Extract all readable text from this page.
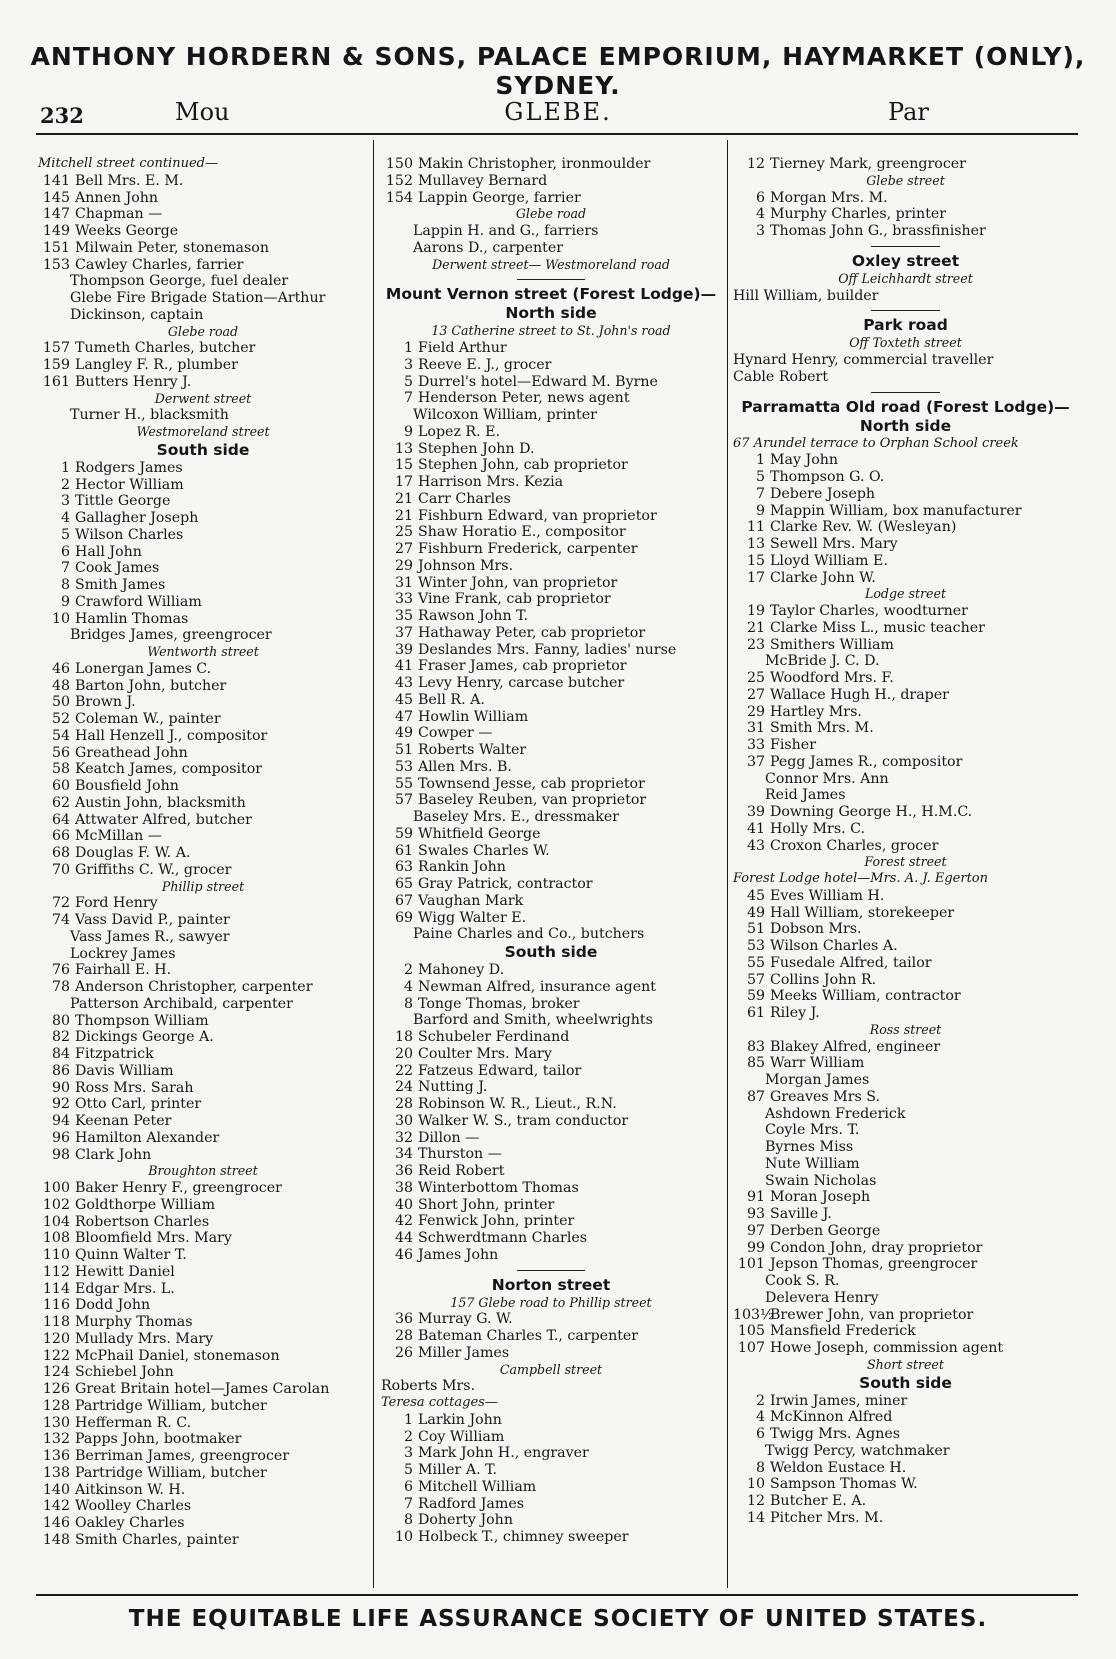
ANTHONY HORDERN & SONS, PALACE EMPORIUM, HAYMARKET (ONLY), SYDNEY.
232	Mou	GLEBE.	Par
Mitchell street continued—
141 Bell Mrs. E. M.
145 Annen John
147 Chapman —
149 Weeks George
151 Milwain Peter, stonemason
153 Cawley Charles, farrier
Thompson George, fuel dealer
Glebe Fire Brigade Station—Arthur
Dickinson, captain
Glebe road
157 Tumeth Charles, butcher
159 Langley F. R., plumber
161 Butters Henry J.
Derwent street
Turner H., blacksmith
Westmoreland street
South side
1 Rodgers James
2 Hector William
3 Tittle George
4 Gallagher Joseph
5 Wilson Charles
6 Hall John
7 Cook James
8 Smith James
9 Crawford William
10 Hamlin Thomas
Bridges James, greengrocer
Wentworth street
46 Lonergan James C.
48 Barton John, butcher
50 Brown J.
52 Coleman W., painter
54 Hall Henzell J., compositor
56 Greathead John
58 Keatch James, compositor
60 Bousfield John
62 Austin John, blacksmith
64 Attwater Alfred, butcher
66 McMillan —
68 Douglas F. W. A.
70 Griffiths C. W., grocer
Phillip street
72 Ford Henry
74 Vass David P., painter
Vass James R., sawyer
Lockrey James
76 Fairhall E. H.
78 Anderson Christopher, carpenter
Patterson Archibald, carpenter
80 Thompson William
82 Dickings George A.
84 Fitzpatrick
86 Davis William
90 Ross Mrs. Sarah
92 Otto Carl, printer
94 Keenan Peter
96 Hamilton Alexander
98 Clark John
Broughton street
100 Baker Henry F., greengrocer
102 Goldthorpe William
104 Robertson Charles
108 Bloomfield Mrs. Mary
110 Quinn Walter T.
112 Hewitt Daniel
114 Edgar Mrs. L.
116 Dodd John
118 Murphy Thomas
120 Mullady Mrs. Mary
122 McPhail Daniel, stonemason
124 Schiebel John
126 Great Britain hotel—James Carolan
128 Partridge William, butcher
130 Hefferman R. C.
132 Papps John, bootmaker
136 Berriman James, greengrocer
138 Partridge William, butcher
140 Aitkinson W. H.
142 Woolley Charles
146 Oakley Charles
148 Smith Charles, painter
150 Makin Christopher, ironmoulder
152 Mullavey Bernard
154 Lappin George, farrier
Glebe road
Lappin H. and G., farriers
Aarons D., carpenter
Derwent street— Westmoreland road
Mount Vernon street (Forest Lodge)—North side
13 Catherine street to St. John's road
1 Field Arthur
3 Reeve E. J., grocer
5 Durrel's hotel—Edward M. Byrne
7 Henderson Peter, news agent
Wilcoxon William, printer
9 Lopez R. E.
13 Stephen John D.
15 Stephen John, cab proprietor
17 Harrison Mrs. Kezia
21 Carr Charles
21 Fishburn Edward, van proprietor
25 Shaw Horatio E., compositor
27 Fishburn Frederick, carpenter
29 Johnson Mrs.
31 Winter John, van proprietor
33 Vine Frank, cab proprietor
35 Rawson John T.
37 Hathaway Peter, cab proprietor
39 Deslandes Mrs. Fanny, ladies' nurse
41 Fraser James, cab proprietor
43 Levy Henry, carcase butcher
45 Bell R. A.
47 Howlin William
49 Cowper —
51 Roberts Walter
53 Allen Mrs. B.
55 Townsend Jesse, cab proprietor
57 Baseley Reuben, van proprietor
Baseley Mrs. E., dressmaker
59 Whitfield George
61 Swales Charles W.
63 Rankin John
65 Gray Patrick, contractor
67 Vaughan Mark
69 Wigg Walter E.
Paine Charles and Co., butchers
South side
2 Mahoney D.
4 Newman Alfred, insurance agent
8 Tonge Thomas, broker
Barford and Smith, wheelwrights
18 Schubeler Ferdinand
20 Coulter Mrs. Mary
22 Fatzeus Edward, tailor
24 Nutting J.
28 Robinson W. R., Lieut., R.N.
30 Walker W. S., tram conductor
32 Dillon —
34 Thurston —
36 Reid Robert
38 Winterbottom Thomas
40 Short John, printer
42 Fenwick John, printer
44 Schwerdtmann Charles
46 James John
Norton street
157 Glebe road to Phillip street
36 Murray G. W.
28 Bateman Charles T., carpenter
26 Miller James
Campbell street
Roberts Mrs.
Teresa cottages—
1 Larkin John
2 Coy William
3 Mark John H., engraver
5 Miller A. T.
6 Mitchell William
7 Radford James
8 Doherty John
10 Holbeck T., chimney sweeper
12 Tierney Mark, greengrocer
Glebe street
6 Morgan Mrs. M.
4 Murphy Charles, printer
3 Thomas John G., brassfinisher
Oxley street
Off Leichhardt street
Hill William, builder
Park road
Off Toxteth street
Hynard Henry, commercial traveller
Cable Robert
Parramatta Old road (Forest Lodge)—North side
67 Arundel terrace to Orphan School creek
1 May John
5 Thompson G. O.
7 Debere Joseph
9 Mappin William, box manufacturer
11 Clarke Rev. W. (Wesleyan)
13 Sewell Mrs. Mary
15 Lloyd William E.
17 Clarke John W.
Lodge street
19 Taylor Charles, woodturner
21 Clarke Miss L., music teacher
23 Smithers William
McBride J. C. D.
25 Woodford Mrs. F.
27 Wallace Hugh H., draper
29 Hartley Mrs.
31 Smith Mrs. M.
33 Fisher
37 Pegg James R., compositor
Connor Mrs. Ann
Reid James
39 Downing George H., H.M.C.
41 Holly Mrs. C.
43 Croxon Charles, grocer
Forest street
Forest Lodge hotel—Mrs. A. J. Egerton
45 Eves William H.
49 Hall William, storekeeper
51 Dobson Mrs.
53 Wilson Charles A.
55 Fusedale Alfred, tailor
57 Collins John R.
59 Meeks William, contractor
61 Riley J.
Ross street
83 Blakey Alfred, engineer
85 Warr William
Morgan James
87 Greaves Mrs S.
Ashdown Frederick
Coyle Mrs. T.
Byrnes Miss
Nute William
Swain Nicholas
91 Moran Joseph
93 Saville J.
97 Derben George
99 Condon John, dray proprietor
101 Jepson Thomas, greengrocer
Cook S. R.
Delevera Henry
103½Brewer John, van proprietor
105 Mansfield Frederick
107 Howe Joseph, commission agent
Short street
South side
2 Irwin James, miner
4 McKinnon Alfred
6 Twigg Mrs. Agnes
Twigg Percy, watchmaker
8 Weldon Eustace H.
10 Sampson Thomas W.
12 Butcher E. A.
14 Pitcher Mrs. M.
THE EQUITABLE LIFE ASSURANCE SOCIETY OF UNITED STATES.
